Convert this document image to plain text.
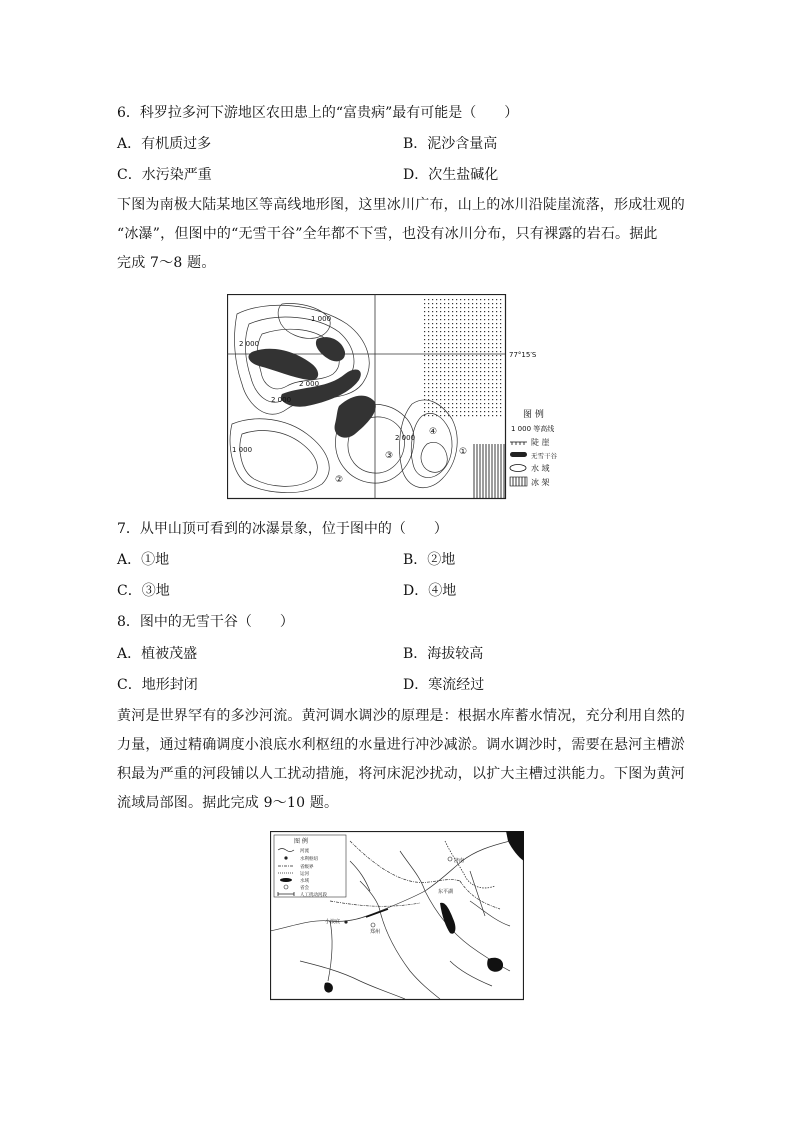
6．科罗拉多河下游地区农田患上的“富贵病”最有可能是（　　）
A．有机质过多	B．泥沙含量高
C．水污染严重	D．次生盐碱化
下图为南极大陆某地区等高线地形图，这里冰川广布，山上的冰川沿陡崖流落，形成壮观的
“冰瀑”，但图中的“无雪干谷”全年都不下雪，也没有冰川分布，只有裸露的岩石。据此
完成 7～8 题。
1 000
2 000
2 000
2 000
1 000
2 000
①
②
③
④
77°15′S
图 例
1 000 等高线
陡 崖
无雪干谷
水 域
冰 架
7．从甲山顶可看到的冰瀑景象，位于图中的（　　）
A．①地	B．②地
C．③地	D．④地
8．图中的无雪干谷（　　）
A．植被茂盛	B．海拔较高
C．地形封闭	D．寒流经过
黄河是世界罕有的多沙河流。黄河调水调沙的原理是：根据水库蓄水情况，充分利用自然的
力量，通过精确调度小浪底水利枢纽的水量进行冲沙减淤。调水调沙时，需要在悬河主槽淤
积最为严重的河段铺以人工扰动措施，将河床泥沙扰动，以扩大主槽过洪能力。下图为黄河
流域局部图。据此完成 9～10 题。
图 例
河流
水利枢纽
省级界
运河
水域
省会
人工扰动河段
济南
东平湖
小浪底
郑州
